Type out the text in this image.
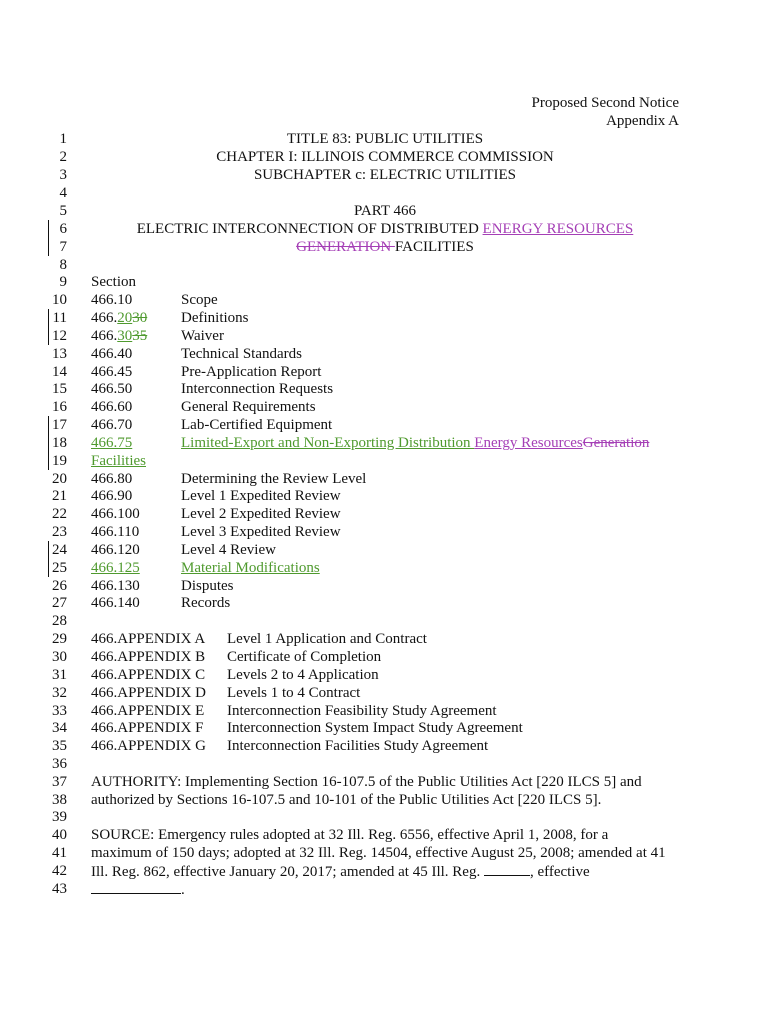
Proposed Second Notice
Appendix A
1	TITLE 83: PUBLIC UTILITIES
2	CHAPTER I: ILLINOIS COMMERCE COMMISSION
3	SUBCHAPTER c: ELECTRIC UTILITIES
4
5	PART 466
6	ELECTRIC INTERCONNECTION OF DISTRIBUTED ENERGY RESOURCES
7	GENERATION FACILITIES
8
9 Section
10 466.10	Scope
11 466.2030 Definitions
12 466.3035 Waiver
13 466.40	Technical Standards
14 466.45	Pre-Application Report
15 466.50	Interconnection Requests
16 466.60	General Requirements
17 466.70	Lab-Certified Equipment
18 466.75	Limited-Export and Non-Exporting Distribution Energy ResourcesGeneration
19 Facilities
20 466.80	Determining the Review Level
21 466.90	Level 1 Expedited Review
22 466.100	Level 2 Expedited Review
23 466.110	Level 3 Expedited Review
24 466.120	Level 4 Review
25 466.125	Material Modifications
26 466.130	Disputes
27 466.140	Records
28
29 466.APPENDIX A Level 1 Application and Contract
30 466.APPENDIX B Certificate of Completion
31 466.APPENDIX C Levels 2 to 4 Application
32 466.APPENDIX D Levels 1 to 4 Contract
33 466.APPENDIX E Interconnection Feasibility Study Agreement
34 466.APPENDIX F Interconnection System Impact Study Agreement
35 466.APPENDIX G Interconnection Facilities Study Agreement
36
37 AUTHORITY: Implementing Section 16-107.5 of the Public Utilities Act [220 ILCS 5] and
38 authorized by Sections 16-107.5 and 10-101 of the Public Utilities Act [220 ILCS 5].
39
40 SOURCE: Emergency rules adopted at 32 Ill. Reg. 6556, effective April 1, 2008, for a
41 maximum of 150 days; adopted at 32 Ill. Reg. 14504, effective August 25, 2008; amended at 41
42 Ill. Reg. 862, effective January 20, 2017; amended at 45 Ill. Reg.	, effective
43	.
